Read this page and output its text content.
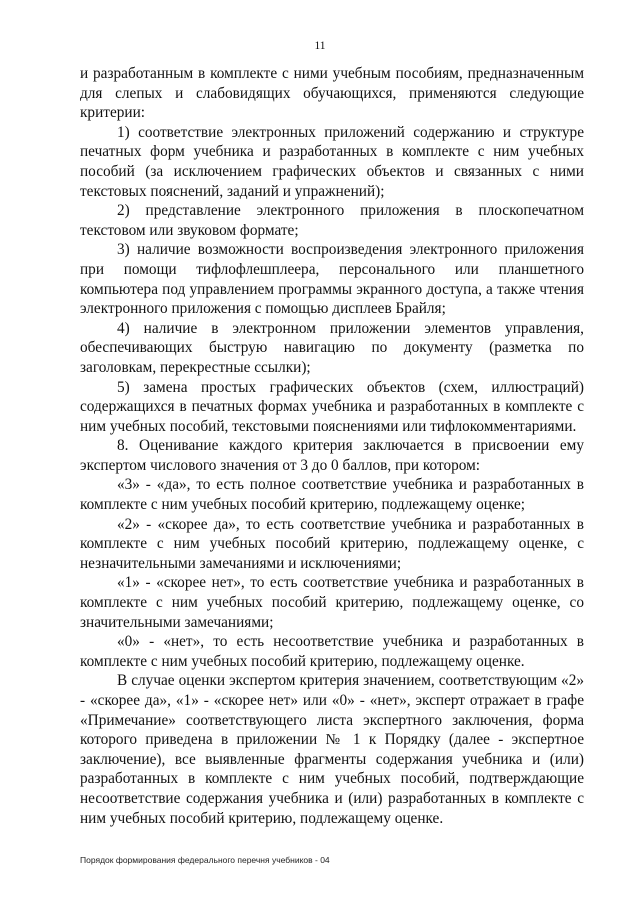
11

и разработанным в комплекте с ними учебным пособиям, предназначенным для слепых и слабовидящих обучающихся, применяются следующие критерии:

1) соответствие электронных приложений содержанию и структуре печатных форм учебника и разработанных в комплекте с ним учебных пособий (за исключением графических объектов и связанных с ними текстовых пояснений, заданий и упражнений);

2) представление электронного приложения в плоскопечатном текстовом или звуковом формате;

3) наличие возможности воспроизведения электронного приложения при помощи тифлофлешплеера, персонального или планшетного компьютера под управлением программы экранного доступа, а также чтения электронного приложения с помощью дисплеев Брайля;

4) наличие в электронном приложении элементов управления, обеспечивающих быструю навигацию по документу (разметка по заголовкам, перекрестные ссылки);

5) замена простых графических объектов (схем, иллюстраций) содержащихся в печатных формах учебника и разработанных в комплекте с ним учебных пособий, текстовыми пояснениями или тифлокомментариями.

8. Оценивание каждого критерия заключается в присвоении ему экспертом числового значения от 3 до 0 баллов, при котором:

«3» - «да», то есть полное соответствие учебника и разработанных в комплекте с ним учебных пособий критерию, подлежащему оценке;

«2» - «скорее да», то есть соответствие учебника и разработанных в комплекте с ним учебных пособий критерию, подлежащему оценке, с незначительными замечаниями и исключениями;

«1» - «скорее нет», то есть соответствие учебника и разработанных в комплекте с ним учебных пособий критерию, подлежащему оценке, со значительными замечаниями;

«0» - «нет», то есть несоответствие учебника и разработанных в комплекте с ним учебных пособий критерию, подлежащему оценке.

В случае оценки экспертом критерия значением, соответствующим «2» - «скорее да», «1» - «скорее нет» или «0» - «нет», эксперт отражает в графе «Примечание» соответствующего листа экспертного заключения, форма которого приведена в приложении № 1 к Порядку (далее - экспертное заключение), все выявленные фрагменты содержания учебника и (или) разработанных в комплекте с ним учебных пособий, подтверждающие несоответствие содержания учебника и (или) разработанных в комплекте с ним учебных пособий критерию, подлежащему оценке.

Порядок формирования федерального перечня учебников - 04
